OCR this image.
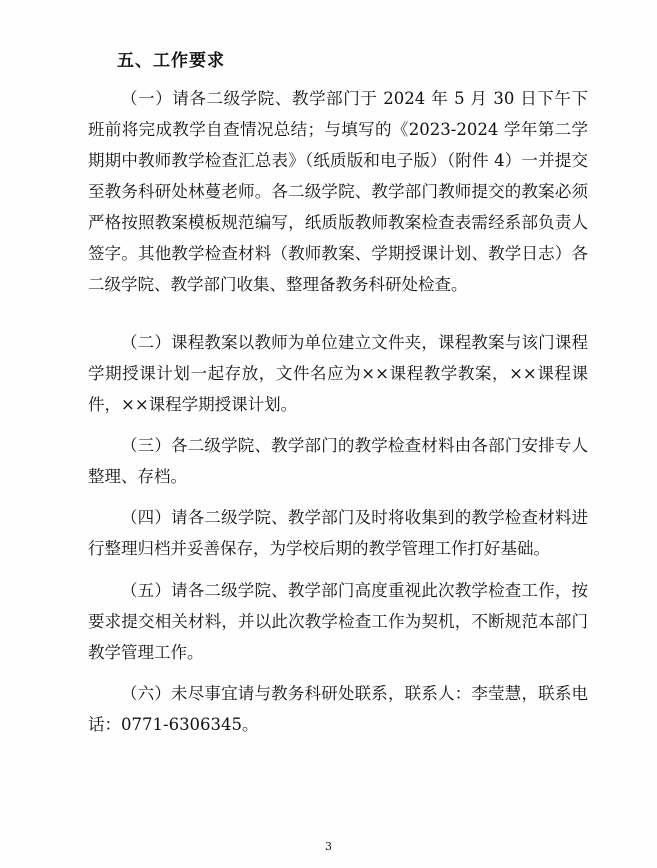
五、工作要求

（一）请各二级学院、教学部门于 2024 年 5 月 30 日下午下班前将完成教学自查情况总结；与填写的《2023-2024 学年第二学期期中教师教学检查汇总表》（纸质版和电子版）（附件 4）一并提交至教务科研处林蔓老师。各二级学院、教学部门教师提交的教案必须严格按照教案模板规范编写，纸质版教师教案检查表需经系部负责人签字。其他教学检查材料（教师教案、学期授课计划、教学日志）各二级学院、教学部门收集、整理备教务科研处检查。

（二）课程教案以教师为单位建立文件夹，课程教案与该门课程学期授课计划一起存放，文件名应为××课程教学教案，××课程课件，××课程学期授课计划。

（三）各二级学院、教学部门的教学检查材料由各部门安排专人整理、存档。

（四）请各二级学院、教学部门及时将收集到的教学检查材料进行整理归档并妥善保存，为学校后期的教学管理工作打好基础。

（五）请各二级学院、教学部门高度重视此次教学检查工作，按要求提交相关材料，并以此次教学检查工作为契机，不断规范本部门教学管理工作。

（六）未尽事宜请与教务科研处联系，联系人：李莹慧，联系电话：0771-6306345。

3
